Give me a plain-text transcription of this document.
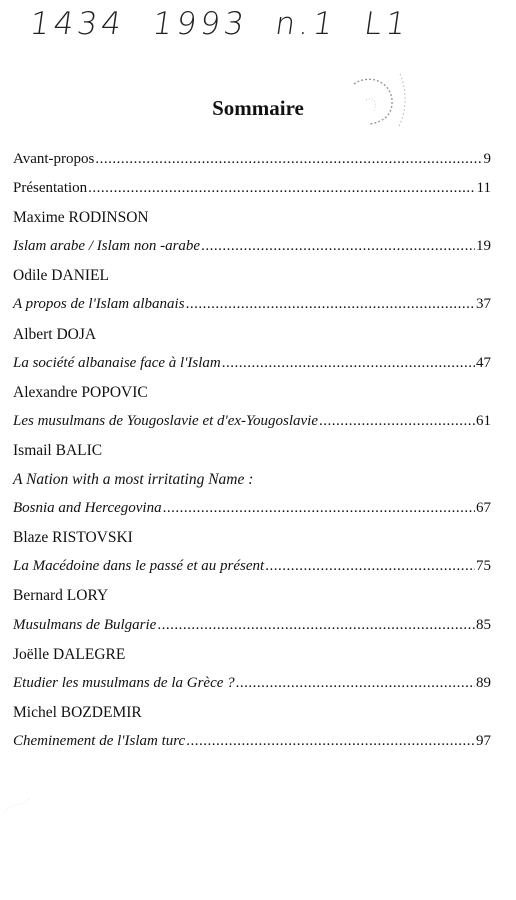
1434 1993 n.1 L1
Sommaire
Avant-propos .....	9
Présentation .....	11
Maxime RODINSON
Islam arabe / Islam non -arabe .....	19
Odile DANIEL
A propos de l'Islam albanais .....	37
Albert DOJA
La société albanaise face à l'Islam .....	47
Alexandre POPOVIC
Les musulmans de Yougoslavie et d'ex-Yougoslavie .....	61
Ismail BALIC
A Nation with a most irritating Name :
Bosnia and Hercegovina .....	67
Blaze RISTOVSKI
La Macédoine dans le passé et au présent .....	75
Bernard LORY
Musulmans de Bulgarie .....	85
Joëlle DALEGRE
Etudier les musulmans de la Grèce ? .....	89
Michel BOZDEMIR
Cheminement de l'Islam turc .....	97
